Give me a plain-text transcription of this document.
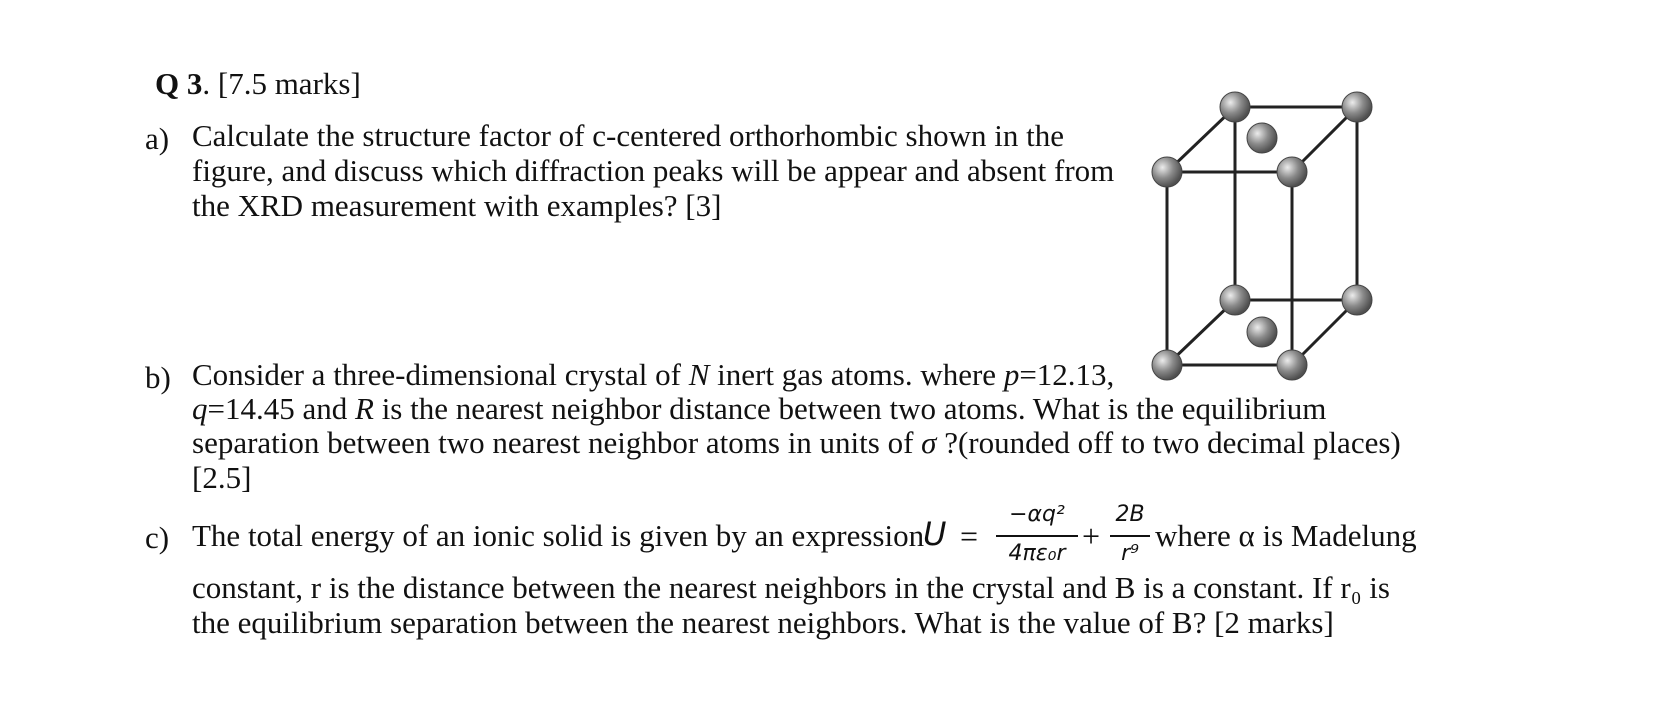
Q 3. [7.5 marks]
a) Calculate the structure factor of c-centered orthorhombic shown in the
figure, and discuss which diffraction peaks will be appear and absent from
the XRD measurement with examples? [3]
b) Consider a three-dimensional crystal of N inert gas atoms. where p=12.13,
q=14.45 and R is the nearest neighbor distance between two atoms. What is the equilibrium
separation between two nearest neighbor atoms in units of σ ?(rounded off to two decimal places)
[2.5]
c) The total energy of an ionic solid is given by an expression
U =
−αq²
4πε₀r +
2B
r⁹
where α is Madelung
constant, r is the distance between the nearest neighbors in the crystal and B is a constant. If r₀ is
the equilibrium separation between the nearest neighbors. What is the value of B? [2 marks]
